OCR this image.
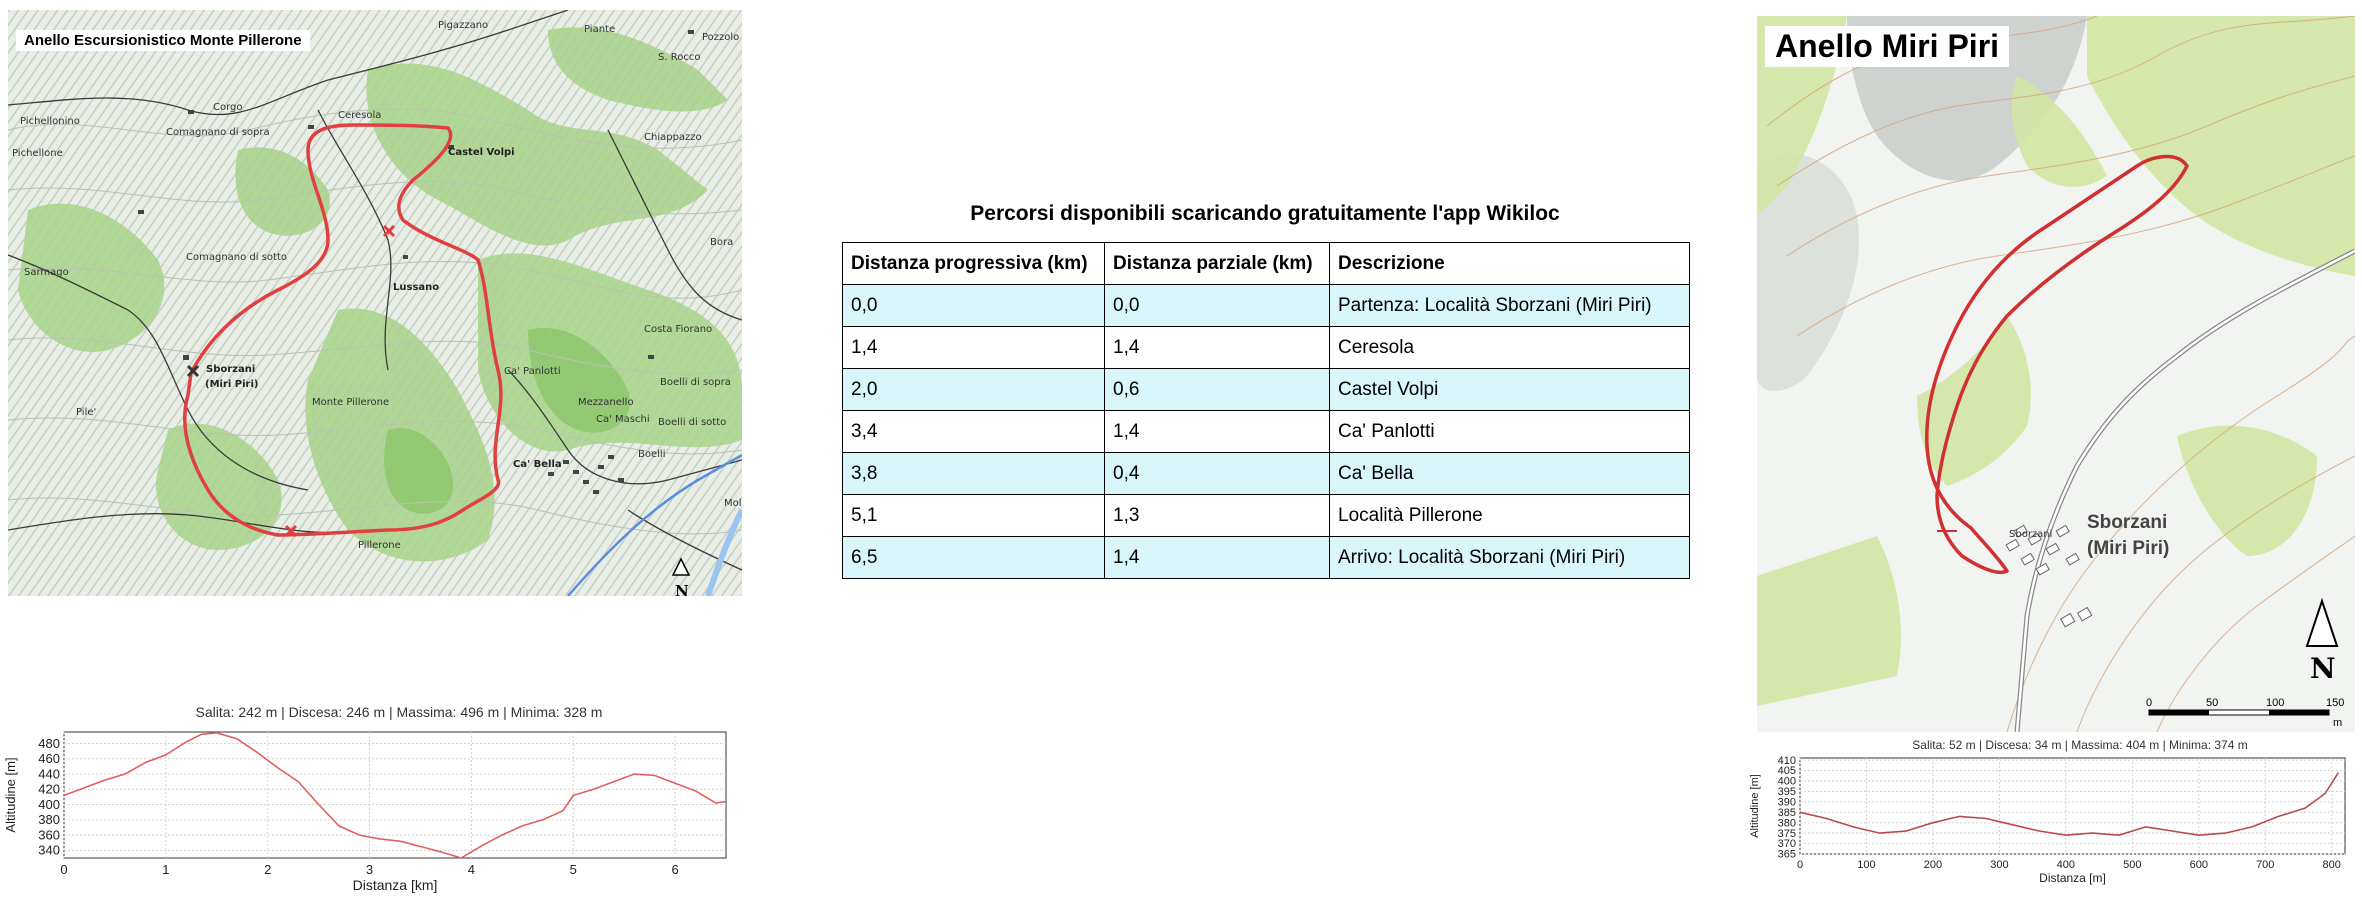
Pigazzano	Piante
Pozzolo
S. Rocco
Corgo
Ceresola
Pichellonino
Pichellone
Comagnano di sopra
Castel Volpi
Chiappazzo
Comagnano di sotto
Sarmago
Lussano
Bora
Costa Fiorano
Sborzani
(Miri Piri)
Ca' Panlotti
Boelli di sopra
Monte Pillerone	Mezzanello
Ca' Maschi Boelli di sotto
Pile'
Ca' Bella
Boelli
Pillerone
Mol
N
Anello Escursionistico Monte Pillerone
Percorsi disponibili scaricando gratuitamente l'app Wikiloc
Distanza progressiva (km)	Distanza parziale (km)	Descrizione
0,0	0,0	Partenza: Località Sborzani (Miri Piri)
1,4	1,4	Ceresola
2,0	0,6	Castel Volpi
3,4	1,4	Ca' Panlotti
3,8	0,4	Ca' Bella
5,1	1,3	Località Pillerone
6,5	1,4	Arrivo: Località Sborzani (Miri Piri)
Sborzani
Sborzani
(Miri Piri)
N
0	50	100	150
m
Anello Miri Piri
Salita: 242 m | Discesa: 246 m | Massima: 496 m | Minima: 328 m
340
360
380
400
420
440
460
480
0	1	2	3	4	5	6
Distanza [km]
Altitudine [m]
Salita: 52 m | Discesa: 34 m | Massima: 404 m | Minima: 374 m
365
370
375
380
385
390
395
400
405
410
0	100	200	300	400	500	600	700	800
Distanza [m]
Altitudine [m]
